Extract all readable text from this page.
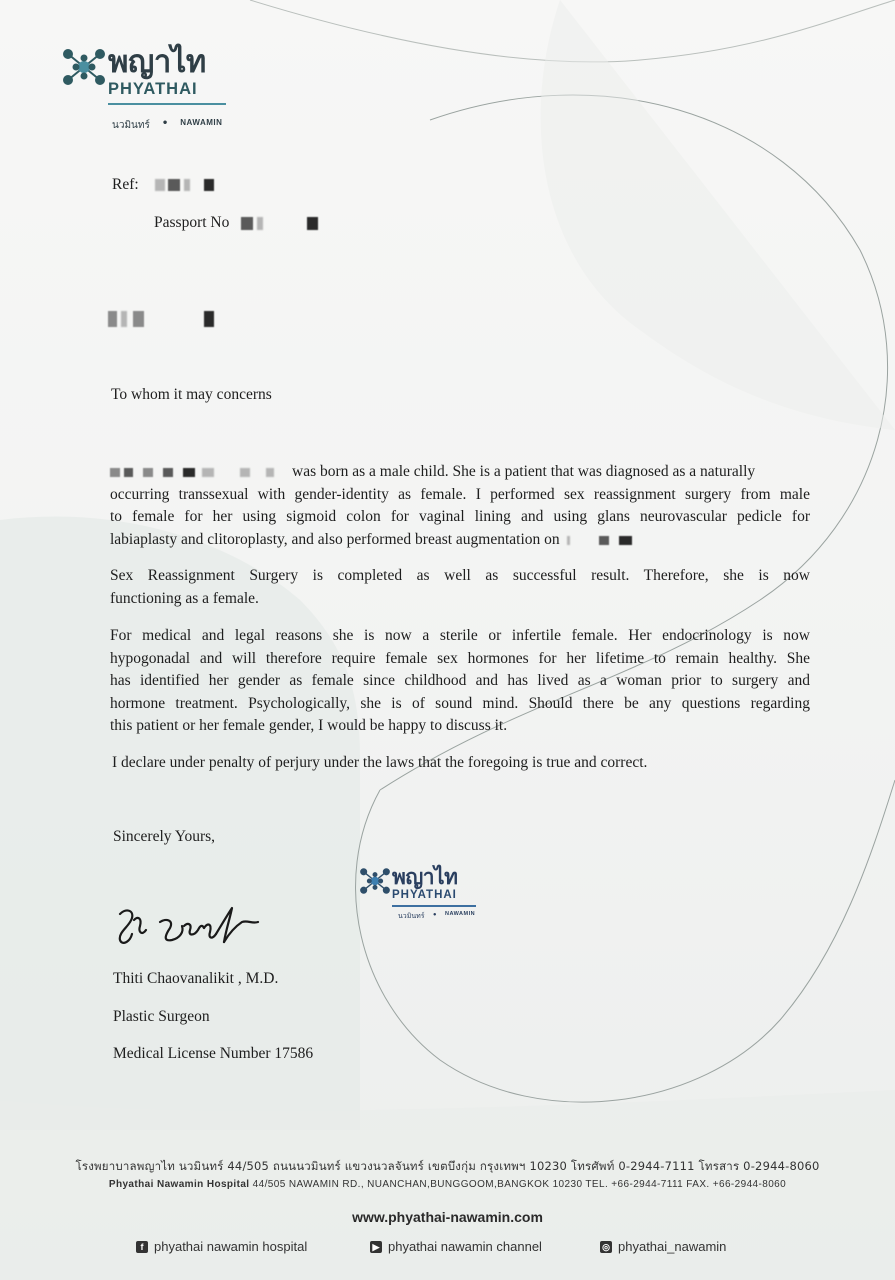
พญาไท
PHYATHAI
นวมินทร์ • NAWAMIN
Ref:
Passport No

To whom it may concerns
was born as a male child. She is a patient that was diagnosed as a naturally
occurring transsexual with gender-identity as female. I performed sex reassignment surgery from male
to female for her using sigmoid colon for vaginal lining and using glans neurovascular pedicle for
labiaplasty and clitoroplasty, and also performed breast augmentation on
Sex Reassignment Surgery is completed as well as successful result. Therefore, she is now
functioning as a female.
For medical and legal reasons she is now a sterile or infertile female. Her endocrinology is now
hypogonadal and will therefore require female sex hormones for her lifetime to remain healthy. She
has identified her gender as female since childhood and has lived as a woman prior to surgery and
hormone treatment. Psychologically, she is of sound mind. Should there be any questions regarding
this patient or her female gender, I would be happy to discuss it.
I declare under penalty of perjury under the laws that the foregoing is true and correct.
Sincerely Yours,
พญาไท
PHYATHAI
นวมินทร์ • NAWAMIN
Thiti Chaovanalikit , M.D.
Plastic Surgeon
Medical License Number 17586
โรงพยาบาลพญาไท นวมินทร์ 44/505 ถนนนวมินทร์ แขวงนวลจันทร์ เขตบึงกุ่ม กรุงเทพฯ 10230 โทรศัพท์ 0-2944-7111 โทรสาร 0-2944-8060
Phyathai Nawamin Hospital 44/505 NAWAMIN RD., NUANCHAN,BUNGGOOM,BANGKOK 10230 TEL. +66-2944-7111 FAX. +66-2944-8060
www.phyathai-nawamin.com
f phyathai nawamin hospital	▶ phyathai nawamin channel	◎ phyathai_nawamin
